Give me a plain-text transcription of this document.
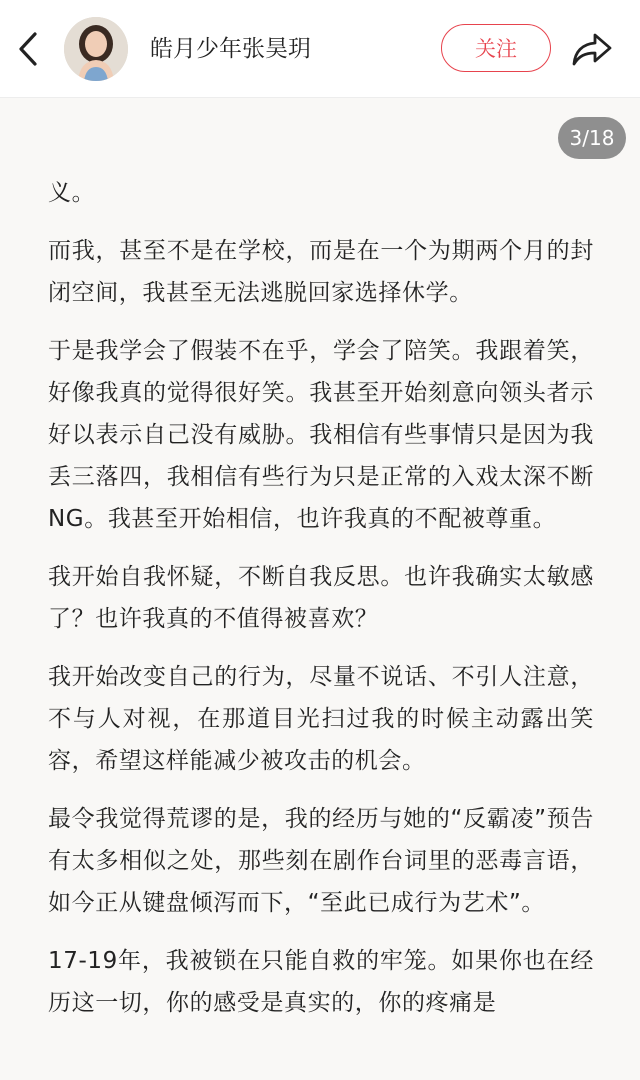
皓月少年张昊玥	关注
3/18

义。

而我，甚至不是在学校，而是在一个为期两个月的封闭空间，我甚至无法逃脱回家选择休学。

于是我学会了假装不在乎，学会了陪笑。我跟着笑，好像我真的觉得很好笑。我甚至开始刻意向领头者示好以表示自己没有威胁。我相信有些事情只是因为我丢三落四，我相信有些行为只是正常的入戏太深不断NG。我甚至开始相信，也许我真的不配被尊重。

我开始自我怀疑，不断自我反思。也许我确实太敏感了？也许我真的不值得被喜欢？

我开始改变自己的行为，尽量不说话、不引人注意，不与人对视，在那道目光扫过我的时候主动露出笑容，希望这样能减少被攻击的机会。

最令我觉得荒谬的是，我的经历与她的“反霸凌”预告有太多相似之处，那些刻在剧作台词里的恶毒言语，如今正从键盘倾泻而下，“至此已成行为艺术”。

17-19年，我被锁在只能自救的牢笼。如果你也在经历这一切，你的感受是真实的，你的疼痛是
